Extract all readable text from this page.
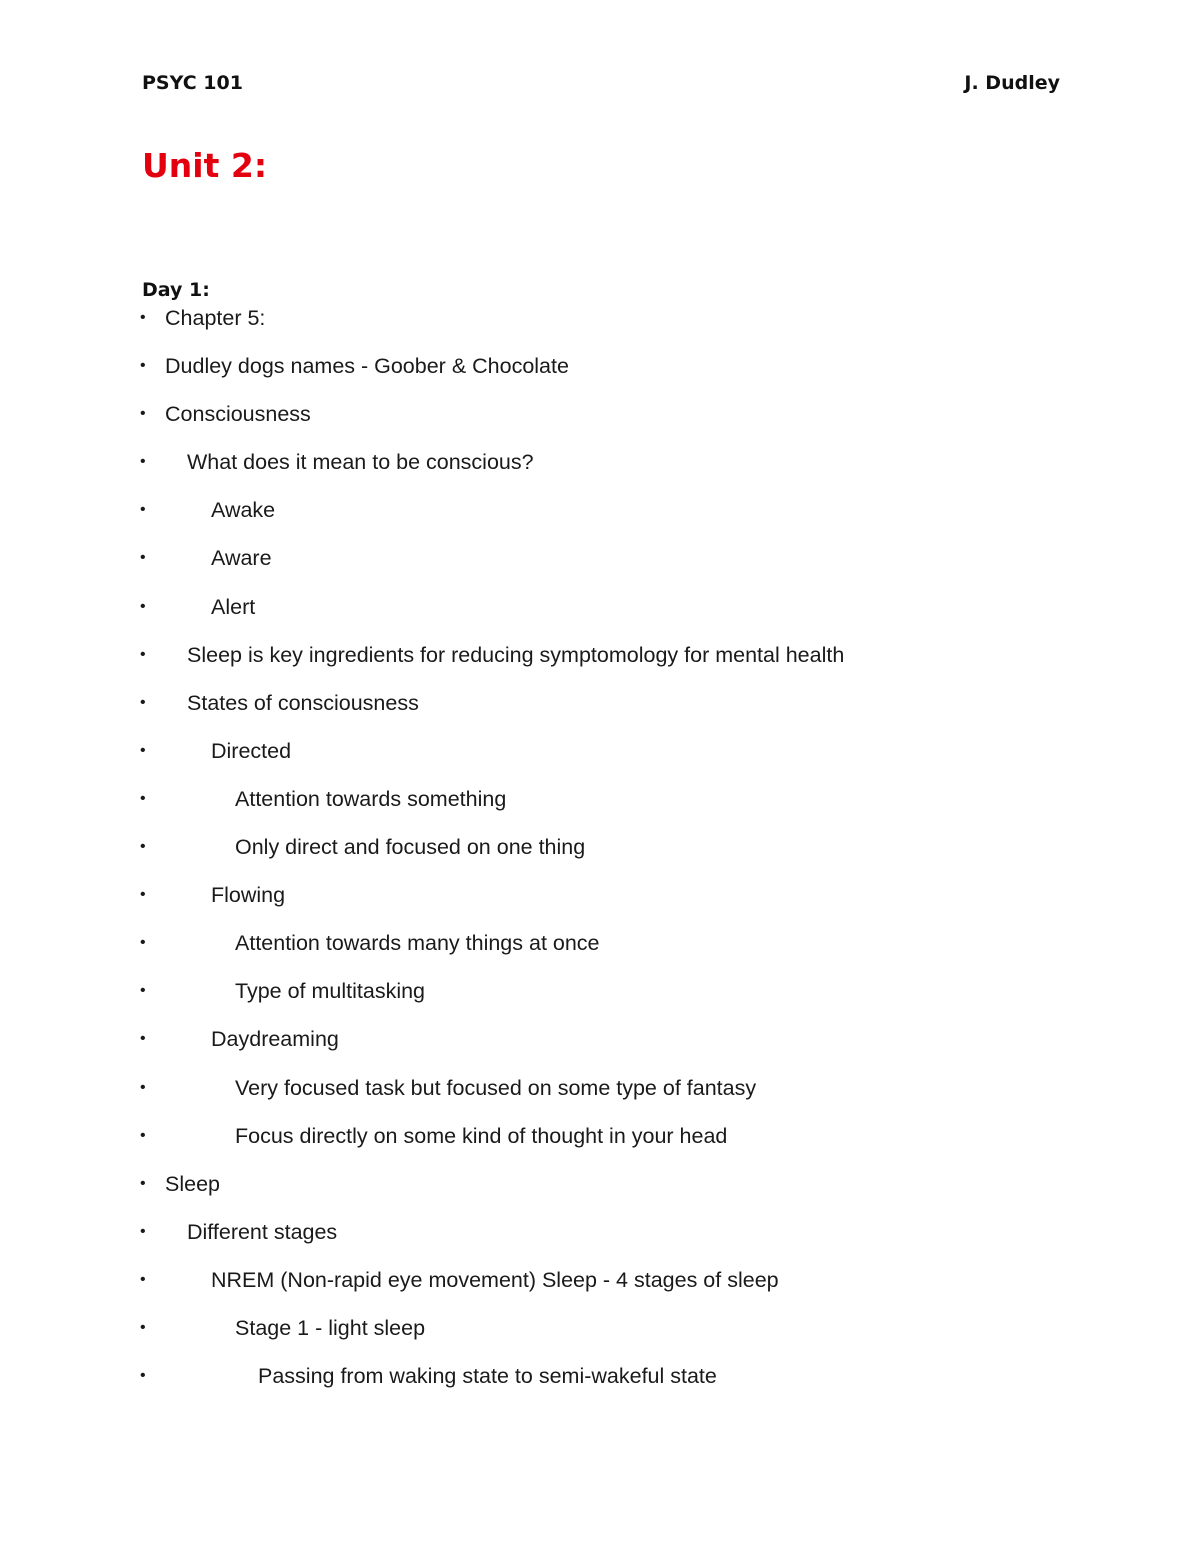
PSYC 101	J. Dudley
Unit 2:
Day 1:
• Chapter 5:
• Dudley dogs names - Goober & Chocolate
• Consciousness
• What does it mean to be conscious?
•	Awake
•	Aware
•	Alert
• Sleep is key ingredients for reducing symptomology for mental health
• States of consciousness
•	Directed
•	Attention towards something
•	Only direct and focused on one thing
•	Flowing
•	Attention towards many things at once
•	Type of multitasking
•	Daydreaming
•	Very focused task but focused on some type of fantasy
•	Focus directly on some kind of thought in your head
• Sleep
• Different stages
•	NREM (Non-rapid eye movement) Sleep - 4 stages of sleep
•	Stage 1 - light sleep
•	Passing from waking state to semi-wakeful state
